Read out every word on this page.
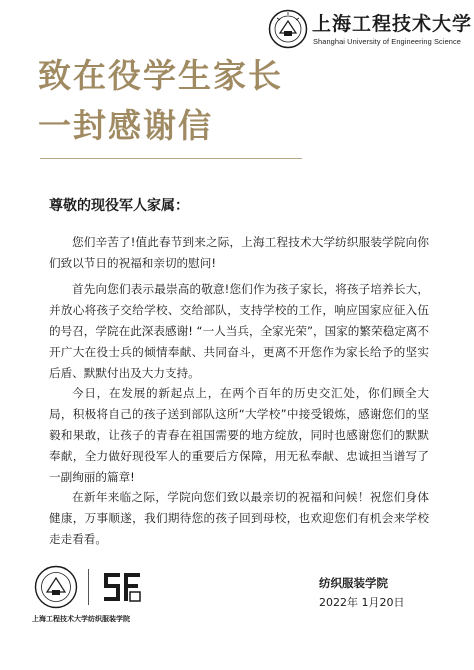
上海工程技术大学
Shanghai University of Engineering Science
致在役学生家长
一封感谢信
尊敬的现役军人家属：
您们辛苦了!值此春节到来之际，上海工程技术大学纺织服装学院向你们致以节日的祝福和亲切的慰问!
首先向您们表示最崇高的敬意!您们作为孩子家长，将孩子培养长大，并放心将孩子交给学校、交给部队，支持学校的工作，响应国家应征入伍的号召，学院在此深表感谢! “一人当兵，全家光荣”，国家的繁荣稳定离不开广大在役士兵的倾情奉献、共同奋斗，更离不开您作为家长给予的坚实后盾、默默付出及大力支持。
今日，在发展的新起点上，在两个百年的历史交汇处，你们顾全大局，积极将自己的孩子送到部队这所“大学校”中接受锻炼，感谢您们的坚毅和果敢，让孩子的青春在祖国需要的地方绽放，同时也感谢您们的默默奉献，全力做好现役军人的重要后方保障，用无私奉献、忠诚担当谱写了一副绚丽的篇章!
在新年来临之际，学院向您们致以最亲切的祝福和问候！祝您们身体健康，万事顺遂，我们期待您的孩子回到母校，也欢迎您们有机会来学校走走看看。
上海工程技术大学纺织服装学院
纺织服装学院
2022年 1月20日
